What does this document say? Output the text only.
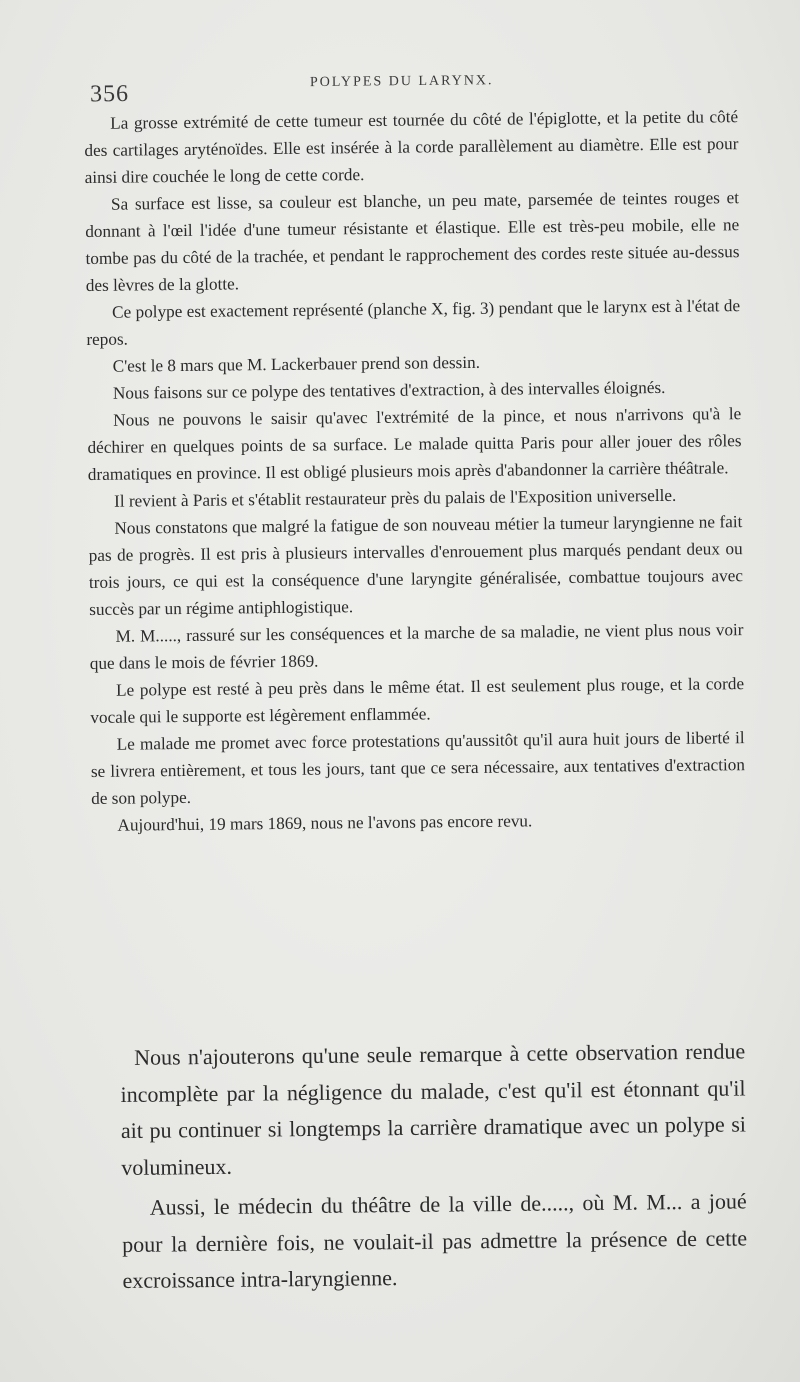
356	POLYPES DU LARYNX.

La grosse extrémité de cette tumeur est tournée du côté de l'épiglotte, et la petite du côté des cartilages aryténoïdes. Elle est insérée à la corde parallèlement au diamètre. Elle est pour ainsi dire couchée le long de cette corde.

Sa surface est lisse, sa couleur est blanche, un peu mate, parsemée de teintes rouges et donnant à l'œil l'idée d'une tumeur résistante et élastique. Elle est très-peu mobile, elle ne tombe pas du côté de la trachée, et pendant le rapprochement des cordes reste située au-dessus des lèvres de la glotte.

Ce polype est exactement représenté (planche X, fig. 3) pendant que le larynx est à l'état de repos.

C'est le 8 mars que M. Lackerbauer prend son dessin.

Nous faisons sur ce polype des tentatives d'extraction, à des intervalles éloignés.

Nous ne pouvons le saisir qu'avec l'extrémité de la pince, et nous n'arrivons qu'à le déchirer en quelques points de sa surface. Le malade quitta Paris pour aller jouer des rôles dramatiques en province. Il est obligé plusieurs mois après d'abandonner la carrière théâtrale.

Il revient à Paris et s'établit restaurateur près du palais de l'Exposition universelle.

Nous constatons que malgré la fatigue de son nouveau métier la tumeur laryngienne ne fait pas de progrès. Il est pris à plusieurs intervalles d'enrouement plus marqués pendant deux ou trois jours, ce qui est la conséquence d'une laryngite généralisée, combattue toujours avec succès par un régime antiphlogistique.

M. M....., rassuré sur les conséquences et la marche de sa maladie, ne vient plus nous voir que dans le mois de février 1869.

Le polype est resté à peu près dans le même état. Il est seulement plus rouge, et la corde vocale qui le supporte est légèrement enflammée.

Le malade me promet avec force protestations qu'aussitôt qu'il aura huit jours de liberté il se livrera entièrement, et tous les jours, tant que ce sera nécessaire, aux tentatives d'extraction de son polype.

Aujourd'hui, 19 mars 1869, nous ne l'avons pas encore revu.

Nous n'ajouterons qu'une seule remarque à cette observation rendue incomplète par la négligence du malade, c'est qu'il est étonnant qu'il ait pu continuer si longtemps la carrière dramatique avec un polype si volumineux.

Aussi, le médecin du théâtre de la ville de....., où M. M... a joué pour la dernière fois, ne voulait-il pas admettre la présence de cette excroissance intra-laryngienne.
